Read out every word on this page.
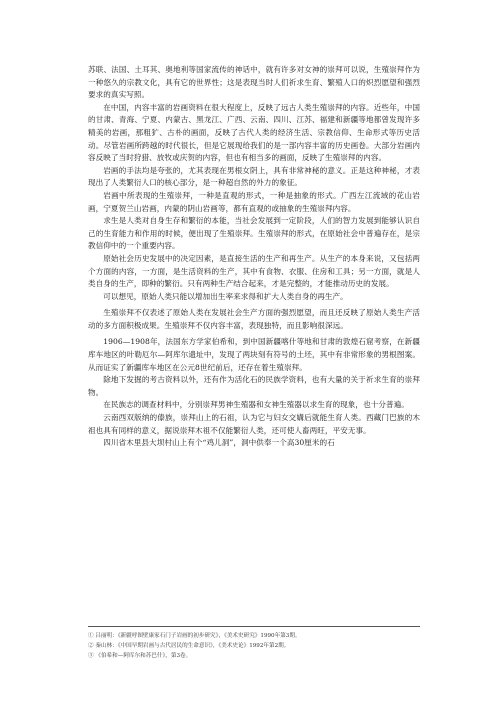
苏联、法国、土耳其、奥地利等国家流传的神话中，就有许多对女神的崇拜可以说，生殖崇拜作为一种悠久的宗教文化，具有它的世界性；这是表现当时人们祈求生育、繁殖人口的炽烈愿望和强烈要求的真实写照。

在中国，内容丰富的岩画资料在很大程度上，反映了远古人类生殖崇拜的内容。近些年，中国的甘肃、青海、宁夏、内蒙古、黑龙江、广西、云南、四川、江苏、福建和新疆等地都曾发现许多精美的岩画，那粗犷、古朴的画面，反映了古代人类的经济生活、宗教信仰、生命形式等历史活动。尽管岩画所跨越的时代很长，但是它展现给我们的是一部内容丰富的历史画卷。大部分岩画内容反映了当时狩猎、放牧或庆贺的内容，但也有相当多的画面，反映了生殖崇拜的内容。

岩画的手法均是夸张的，尤其表现在男根女阴上，具有非常神秘的意义。正是这种神秘，才表现出了人类繁衍人口的核心部分，是一种超自然的外力的象征。

岩画中所表现的生殖崇拜，一种是直观的形式，一种是抽象的形式。广西左江流域的花山岩画，宁夏贺兰山岩画，内蒙的阴山岩画等，都有直观的或抽象的生殖崇拜内容。

求生是人类对自身生存和繁衍的本能，当社会发展到一定阶段，人们的智力发展到能够认识自己的生育能力和作用的时候，便出现了生殖崇拜。生殖崇拜的形式，在原始社会中普遍存在，是宗教信仰中的一个重要内容。

原始社会历史发展中的决定因素，是直接生活的生产和再生产。从生产的本身来说，又包括两个方面的内容，一方面，是生活资料的生产，其中有食物、衣服、住房和工具；另一方面，就是人类自身的生产，即种的繁衍。只有两种生产结合起来，才是完整的，才能推动历史的发展。

可以想见，原始人类只能以增加出生率来求得和扩大人类自身的再生产。

生殖崇拜不仅表述了原始人类在发展社会生产方面的强烈愿望，而且还反映了原始人类生产活动的多方面积极成果。生殖崇拜不仅内容丰富，表现独特，而且影响很深远。

1906—1908年，法国东方学家伯希和，到中国新疆喀什等地和甘肃的敦煌石窟考察，在新疆库车地区的叶勒厄尔—阿库尔遗址中，发现了两块刻有符号的土坯，其中有非常形象的男根图案。从而证实了新疆库车地区在公元8世纪前后，还存在着生殖崇拜。

除地下发掘的考古资料以外，还有作为活化石的民族学资料，也有大量的关于祈求生育的崇拜物。

在民族志的调查材料中，分别崇拜男神生殖器和女神生殖器以求生育的现象，也十分普遍。

云南西双版纳的傣族，崇拜山上的石祖，认为它与妇女交媾后就能生育人类。西藏门巴族的木祖也具有同样的意义，据说崇拜木祖不仅能繁衍人类，还可使人畜两旺，平安无事。

四川省木里县大坝村山上有个“鸡儿洞”，洞中供奉一个高30厘米的石

① 吕丽明：《新疆呼图壁康家石门子岩画的初步研究》，《美术史研究》1990年第3期。
② 秦山林：《中国早期岩画与古代居民的生命意识》，《美术史论》1992年第2期。
③ 《伯希和—阿库尔和苏巴什》，第3卷。
